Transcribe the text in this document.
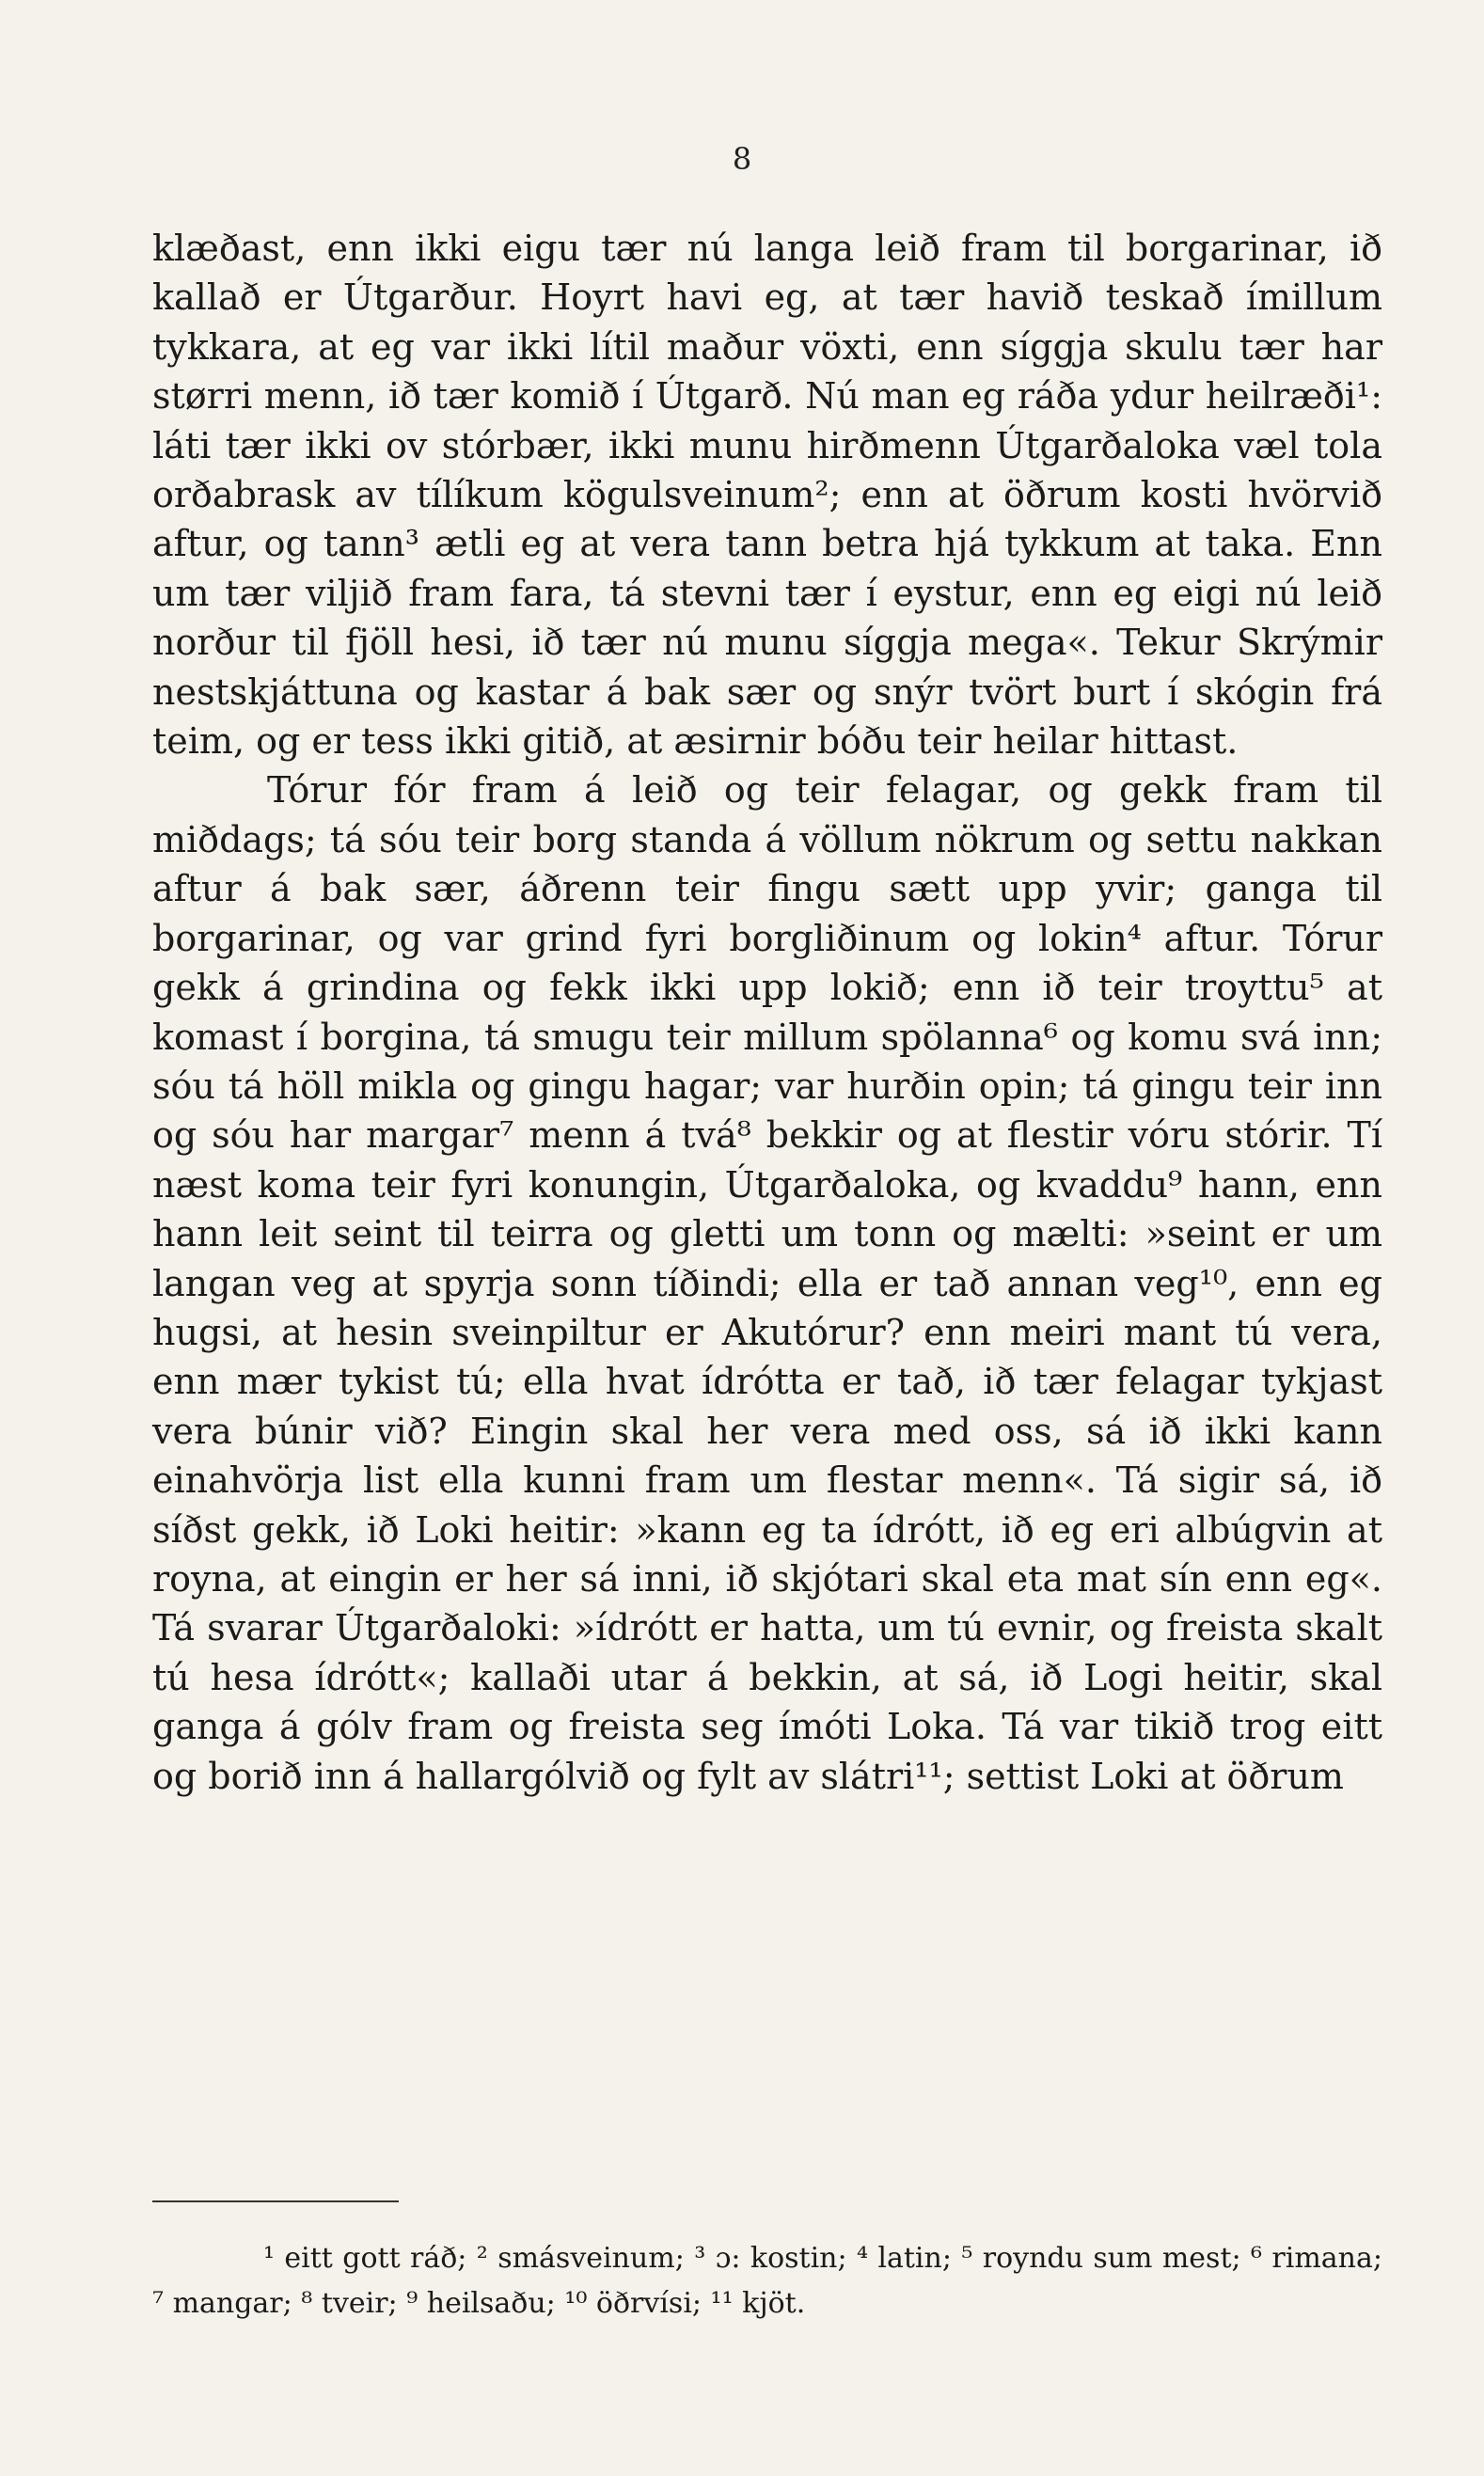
8

klæðast, enn ikki eigu tær nú langa leið fram til borgarinar, ið kallað er Útgarður. Hoyrt havi eg, at tær havið teskað ímillum tykkara, at eg var ikki lítil maður vöxti, enn síggja skulu tær har størri menn, ið tær komið í Útgarð. Nú man eg ráða ydur heilræði¹: láti tær ikki ov stórbær, ikki munu hirðmenn Útgarðaloka væl tola orðabrask av tílíkum kögulsveinum²; enn at öðrum kosti hvörvið aftur, og tann³ ætli eg at vera tann betra hjá tykkum at taka. Enn um tær viljið fram fara, tá stevni tær í eystur, enn eg eigi nú leið norður til fjöll hesi, ið tær nú munu síggja mega«. Tekur Skrýmir nestskjáttuna og kastar á bak sær og snýr tvört burt í skógin frá teim, og er tess ikki gitið, at æsirnir bóðu teir heilar hittast.

Tórur fór fram á leið og teir felagar, og gekk fram til miðdags; tá sóu teir borg standa á völlum nökrum og settu nakkan aftur á bak sær, áðrenn teir fingu sætt upp yvir; ganga til borgarinar, og var grind fyri borgliðinum og lokin⁴ aftur. Tórur gekk á grindina og fekk ikki upp lokið; enn ið teir troyttu⁵ at komast í borgina, tá smugu teir millum spölanna⁶ og komu svá inn; sóu tá höll mikla og gingu hagar; var hurðin opin; tá gingu teir inn og sóu har margar⁷ menn á tvá⁸ bekkir og at flestir vóru stórir. Tí næst koma teir fyri konungin, Útgarðaloka, og kvaddu⁹ hann, enn hann leit seint til teirra og gletti um tonn og mælti: »seint er um langan veg at spyrja sonn tíðindi; ella er tað annan veg¹⁰, enn eg hugsi, at hesin sveinpiltur er Akutórur? enn meiri mant tú vera, enn mær tykist tú; ella hvat ídrótta er tað, ið tær felagar tykjast vera búnir við? Eingin skal her vera med oss, sá ið ikki kann einahvörja list ella kunni fram um flestar menn«. Tá sigir sá, ið síðst gekk, ið Loki heitir: »kann eg ta ídrótt, ið eg eri albúgvin at royna, at eingin er her sá inni, ið skjótari skal eta mat sín enn eg«. Tá svarar Útgarðaloki: »ídrótt er hatta, um tú evnir, og freista skalt tú hesa ídrótt«; kallaði utar á bekkin, at sá, ið Logi heitir, skal ganga á gólv fram og freista seg ímóti Loka. Tá var tikið trog eitt og borið inn á hallargólvið og fylt av slátri¹¹; settist Loki at öðrum

¹ eitt gott ráð; ² smásveinum; ³ ɔ: kostin; ⁴ latin; ⁵ royndu sum mest; ⁶ rimana; ⁷ mangar; ⁸ tveir; ⁹ heilsaðu; ¹⁰ öðrvísi; ¹¹ kjöt.
